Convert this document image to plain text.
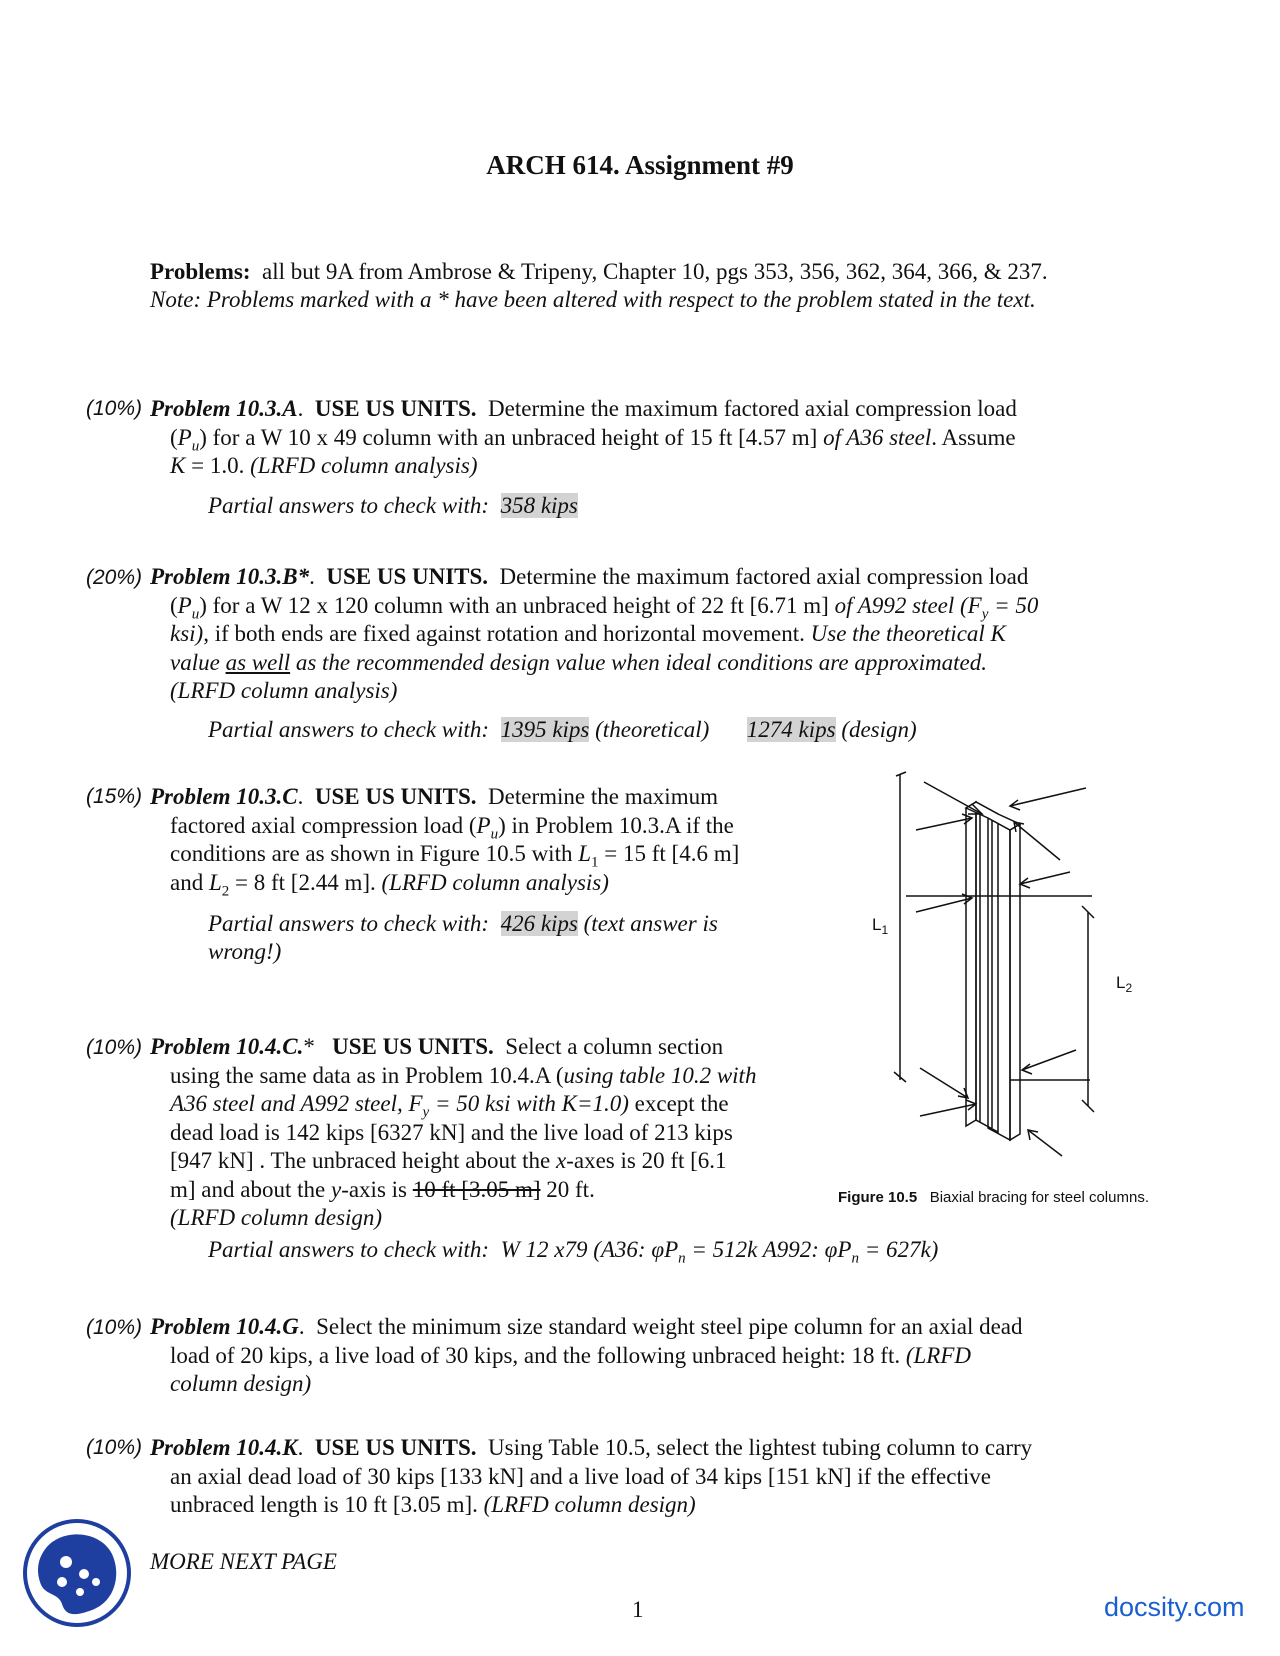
ARCH 614. Assignment #9
Problems: all but 9A from Ambrose & Tripeny, Chapter 10, pgs 353, 356, 362, 364, 366, & 237.
Note: Problems marked with a * have been altered with respect to the problem stated in the text.
(10%) Problem 10.3.A.  USE US UNITS. Determine the maximum factored axial compression load
$(P_u)$ for a W 10 x 49 column with an unbraced height of 15 ft [4.57 m] of A36 steel. Assume
K = 1.0. (LRFD column analysis)
Partial answers to check with: 358 kips
(20%) Problem 10.3.B*.  USE US UNITS. Determine the maximum factored axial compression load
$(P_u)$ for a W 12 x 120 column with an unbraced height of 22 ft [6.71 m] of A992 steel ($F_y = 50$
ksi), if both ends are fixed against rotation and horizontal movement. Use the theoretical K
value as well as the recommended design value when ideal conditions are approximated.
(LRFD column analysis)
Partial answers to check with: 1395 kips (theoretical) 1274 kips (design)
(15%) Problem 10.3.C.  USE US UNITS. Determine the maximum
factored axial compression load $(P_u)$ in Problem 10.3.A if the
conditions are as shown in Figure 10.5 with $L_1 = 15$ ft [4.6 m]
and $L_2 = 8$ ft [2.44 m]. (LRFD column analysis)
Partial answers to check with: 426 kips (text answer is
wrong!)
(10%) Problem 10.4.C.* USE US UNITS. Select a column section
using the same data as in Problem 10.4.A (using table 10.2 with
A36 steel and A992 steel, $F_y = 50$ ksi with K=1.0) except the
dead load is 142 kips [6327 kN] and the live load of 213 kips
[947 kN] . The unbraced height about the x-axes is 20 ft [6.1
m] and about the y-axis is 10 ft [3.05 m] 20 ft.
(LRFD column design)
Partial answers to check with: W 12 x79 (A36: $\varphi P_n = 512k$ A992: $\varphi P_n = 627k$)
(10%) Problem 10.4.G.  Select the minimum size standard weight steel pipe column for an axial dead
load of 20 kips, a live load of 30 kips, and the following unbraced height: 18 ft. (LRFD
column design)
(10%) Problem 10.4.K.  USE US UNITS. Using Table 10.5, select the lightest tubing column to carry
an axial dead load of 30 kips [133 kN] and a live load of 34 kips [151 kN] if the effective
unbraced length is 10 ft [3.05 m]. (LRFD column design)
$L_1$
$L_2$
Figure 10.5 Biaxial bracing for steel columns.
MORE NEXT PAGE
1	docsity.com
